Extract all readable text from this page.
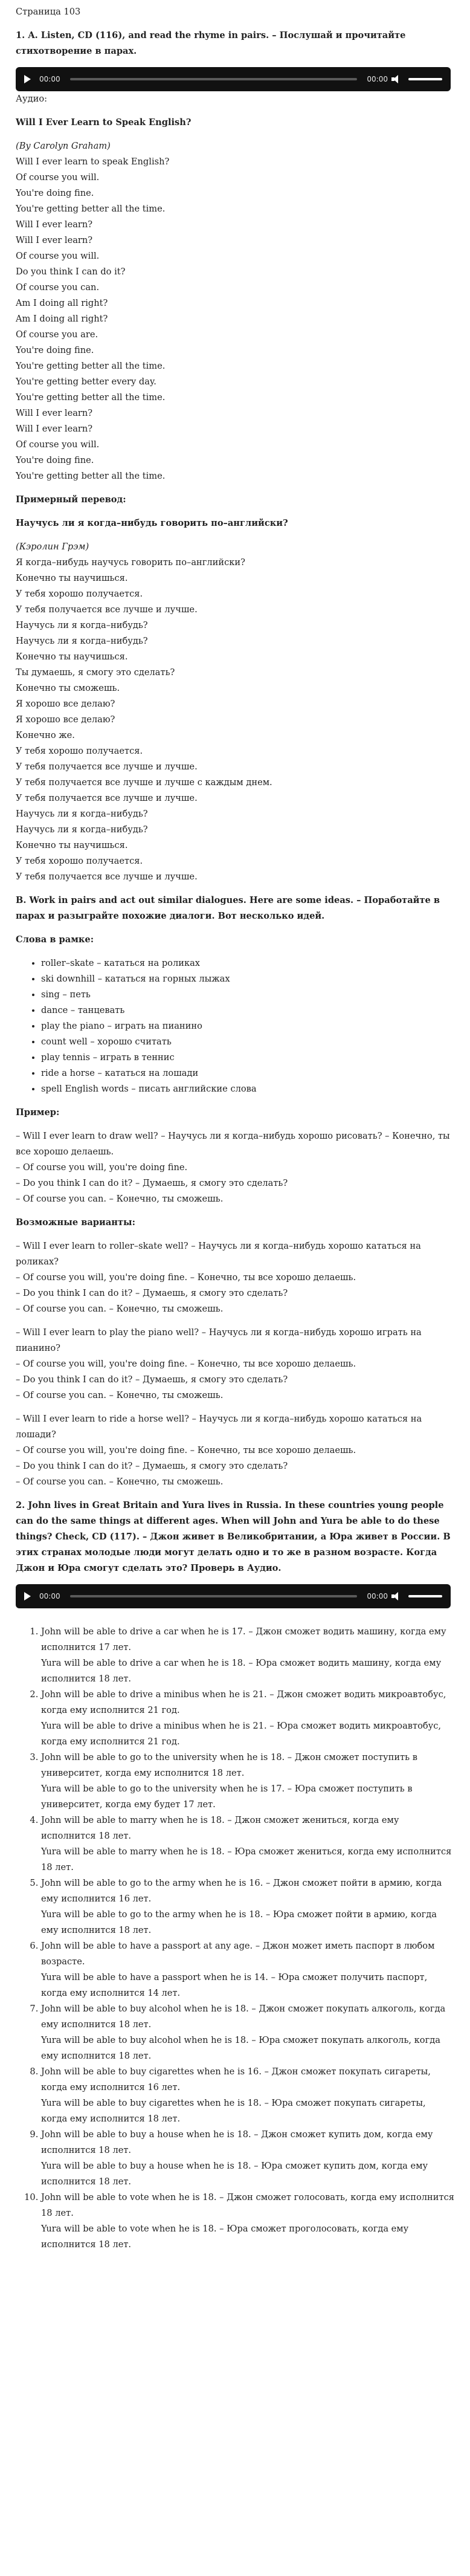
Страница 103

1. A. Listen, CD (116), and read the rhyme in pairs. – Послушай и прочитайте стихотворение в парах.

00:00	00:00

Аудио:

Will I Ever Learn to Speak English?

(By Carolyn Graham)

Will I ever learn to speak English?

Of course you will.

You're doing fine.

You're getting better all the time.

Will I ever learn?

Will I ever learn?

Of course you will.

Do you think I can do it?

Of course you can.

Am I doing all right?

Am I doing all right?

Of course you are.

You're doing fine.

You're getting better all the time.

You're getting better every day.

You're getting better all the time.

Will I ever learn?

Will I ever learn?

Of course you will.

You're doing fine.

You're getting better all the time.

Примерный перевод:

Научусь ли я когда–нибудь говорить по–английски?

(Кэролин Грэм)

Я когда–нибудь научусь говорить по–английски?

Конечно ты научишься.

У тебя хорошо получается.

У тебя получается все лучше и лучше.

Научусь ли я когда–нибудь?

Научусь ли я когда–нибудь?

Конечно ты научишься.

Ты думаешь, я смогу это сделать?

Конечно ты сможешь.

Я хорошо все делаю?

Я хорошо все делаю?

Конечно же.

У тебя хорошо получается.

У тебя получается все лучше и лучше.

У тебя получается все лучше и лучше с каждым днем.

У тебя получается все лучше и лучше.

Научусь ли я когда–нибудь?

Научусь ли я когда–нибудь?

Конечно ты научишься.

У тебя хорошо получается.

У тебя получается все лучше и лучше.

B. Work in pairs and act out similar dialogues. Here are some ideas. – Поработайте в парах и разыграйте похожие диалоги. Вот несколько идей.

Слова в рамке:

• roller–skate – кататься на роликах
• ski downhill – кататься на горных лыжах
• sing – петь
• dance – танцевать
• play the piano – играть на пианино
• count well – хорошо считать
• play tennis – играть в теннис
• ride a horse – кататься на лошади
• spell English words – писать английские слова

Пример:

– Will I ever learn to draw well? – Научусь ли я когда–нибудь хорошо рисовать? – Конечно, ты все хорошо делаешь.

– Of course you will, you're doing fine.

– Do you think I can do it? – Думаешь, я смогу это сделать?

– Of course you can. – Конечно, ты сможешь.

Возможные варианты:

– Will I ever learn to roller–skate well? – Научусь ли я когда–нибудь хорошо кататься на роликах?

– Of course you will, you're doing fine. – Конечно, ты все хорошо делаешь.

– Do you think I can do it? – Думаешь, я смогу это сделать?

– Of course you can. – Конечно, ты сможешь.

– Will I ever learn to play the piano well? – Научусь ли я когда–нибудь хорошо играть на пианино?

– Of course you will, you're doing fine. – Конечно, ты все хорошо делаешь.

– Do you think I can do it? – Думаешь, я смогу это сделать?

– Of course you can. – Конечно, ты сможешь.

– Will I ever learn to ride a horse well? – Научусь ли я когда–нибудь хорошо кататься на лошади?

– Of course you will, you're doing fine. – Конечно, ты все хорошо делаешь.

– Do you think I can do it? – Думаешь, я смогу это сделать?

– Of course you can. – Конечно, ты сможешь.

2. John lives in Great Britain and Yura lives in Russia. In these countries young people can do the same things at different ages. When will John and Yura be able to do these things? Check, CD (117). – Джон живет в Великобритании, а Юра живет в России. В этих странах молодые люди могут делать одно и то же в разном возрасте. Когда Джон и Юра смогут сделать это? Проверь в Аудио.

00:00	00:00

1. John will be able to drive a car when he is 17. – Джон сможет водить машину, когда ему исполнится 17 лет.

Yura will be able to drive a car when he is 18. – Юра сможет водить машину, когда ему исполнится 18 лет.

2. John will be able to drive a minibus when he is 21. – Джон сможет водить микроавтобус, когда ему исполнится 21 год.

Yura will be able to drive a minibus when he is 21. – Юра сможет водить микроавтобус, когда ему исполнится 21 год.

3. John will be able to go to the university when he is 18. – Джон сможет поступить в университет, когда ему исполнится 18 лет.

Yura will be able to go to the university when he is 17. – Юра сможет поступить в университет, когда ему будет 17 лет.

4. John will be able to marry when he is 18. – Джон сможет жениться, когда ему исполнится 18 лет.

Yura will be able to marry when he is 18. – Юра сможет жениться, когда ему исполнится 18 лет.

5. John will be able to go to the army when he is 16. – Джон сможет пойти в армию, когда ему исполнится 16 лет.

Yura will be able to go to the army when he is 18. – Юра сможет пойти в армию, когда ему исполнится 18 лет.

6. John will be able to have a passport at any age. – Джон может иметь паспорт в любом возрасте.

Yura will be able to have a passport when he is 14. – Юра сможет получить паспорт, когда ему исполнится 14 лет.

7. John will be able to buy alcohol when he is 18. – Джон сможет покупать алкоголь, когда ему исполнится 18 лет.

Yura will be able to buy alcohol when he is 18. – Юра сможет покупать алкоголь, когда ему исполнится 18 лет.

8. John will be able to buy cigarettes when he is 16. – Джон сможет покупать сигареты, когда ему исполнится 16 лет.

Yura will be able to buy cigarettes when he is 18. – Юра сможет покупать сигареты, когда ему исполнится 18 лет.

9. John will be able to buy a house when he is 18. – Джон сможет купить дом, когда ему исполнится 18 лет.

Yura will be able to buy a house when he is 18. – Юра сможет купить дом, когда ему исполнится 18 лет.

10. John will be able to vote when he is 18. – Джон сможет голосовать, когда ему исполнится 18 лет.

Yura will be able to vote when he is 18. – Юра сможет проголосовать, когда ему исполнится 18 лет.
